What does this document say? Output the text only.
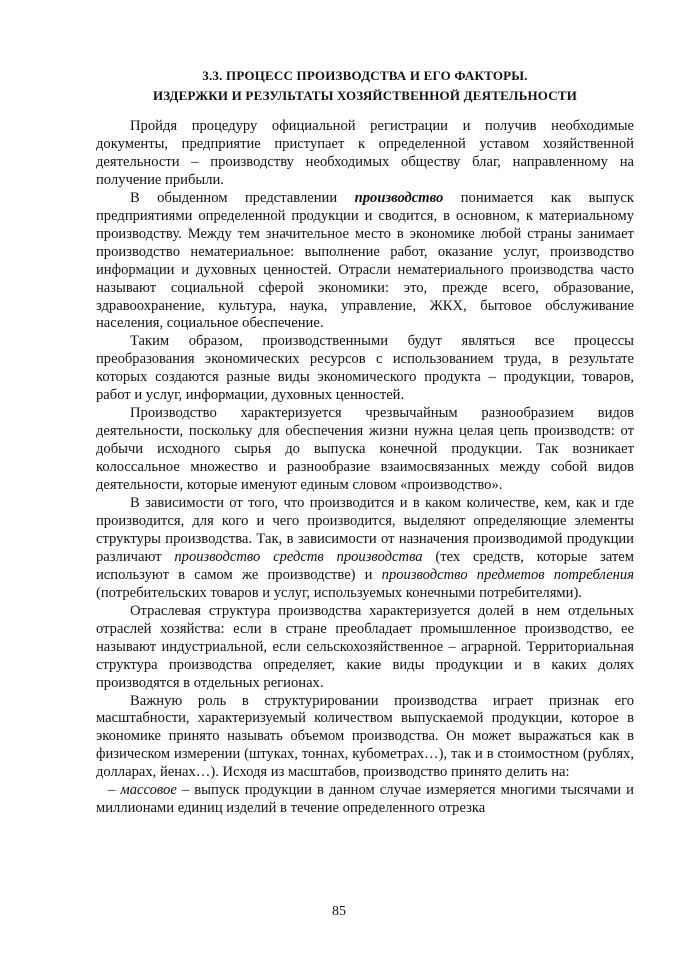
3.3. ПРОЦЕСС ПРОИЗВОДСТВА И ЕГО ФАКТОРЫ.
ИЗДЕРЖКИ И РЕЗУЛЬТАТЫ ХОЗЯЙСТВЕННОЙ ДЕЯТЕЛЬНОСТИ

Пройдя процедуру официальной регистрации и получив необходимые документы, предприятие приступает к определенной уставом хозяйственной деятельности – производству необходимых обществу благ, направленному на получение прибыли.

В обыденном представлении производство понимается как выпуск предприятиями определенной продукции и сводится, в основном, к материальному производству. Между тем значительное место в экономике любой страны занимает производство нематериальное: выполнение работ, оказание услуг, производство информации и духовных ценностей. Отрасли нематериального производства часто называют социальной сферой экономики: это, прежде всего, образование, здравоохранение, культура, наука, управление, ЖКХ, бытовое обслуживание населения, социальное обеспечение.

Таким образом, производственными будут являться все процессы преобразования экономических ресурсов с использованием труда, в результате которых создаются разные виды экономического продукта – продукции, товаров, работ и услуг, информации, духовных ценностей.

Производство характеризуется чрезвычайным разнообразием видов деятельности, поскольку для обеспечения жизни нужна целая цепь производств: от добычи исходного сырья до выпуска конечной продукции. Так возникает колоссальное множество и разнообразие взаимосвязанных между собой видов деятельности, которые именуют единым словом «производство».

В зависимости от того, что производится и в каком количестве, кем, как и где производится, для кого и чего производится, выделяют определяющие элементы структуры производства. Так, в зависимости от назначения производимой продукции различают производство средств производства (тех средств, которые затем используют в самом же производстве) и производство предметов потребления (потребительских товаров и услуг, используемых конечными потребителями).

Отраслевая структура производства характеризуется долей в нем отдельных отраслей хозяйства: если в стране преобладает промышленное производство, ее называют индустриальной, если сельскохозяйственное – аграрной. Территориальная структура производства определяет, какие виды продукции и в каких долях производятся в отдельных регионах.

Важную роль в структурировании производства играет признак его масштабности, характеризуемый количеством выпускаемой продукции, которое в экономике принято называть объемом производства. Он может выражаться как в физическом измерении (штуках, тоннах, кубометрах…), так и в стоимостном (рублях, долларах, йенах…). Исходя из масштабов, производство принято делить на:

– массовое – выпуск продукции в данном случае измеряется многими тысячами и миллионами единиц изделий в течение определенного отрезка

85
